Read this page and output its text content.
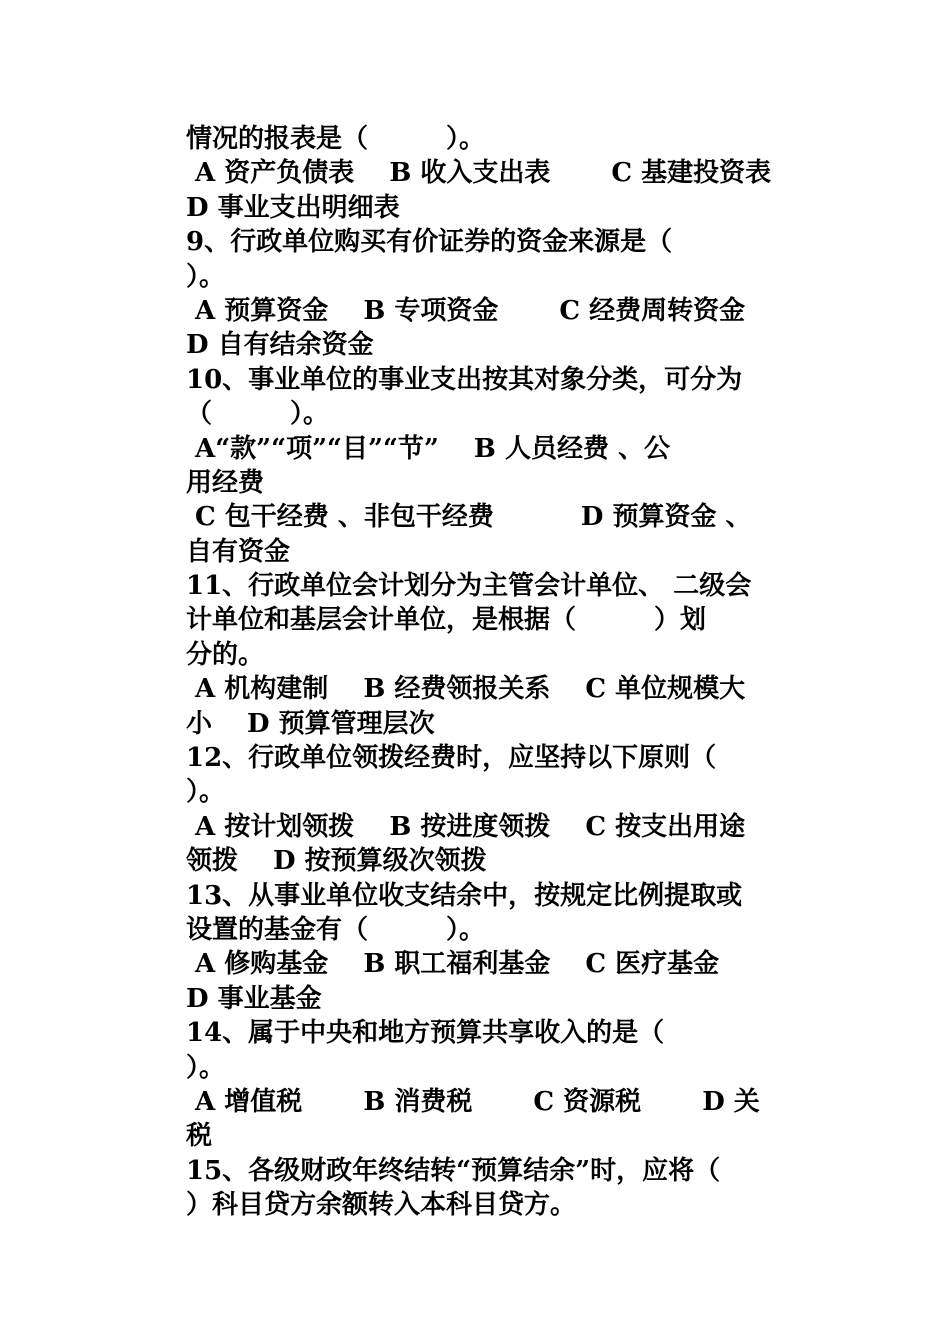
情况的报表是（　　　）。
A 资产负债表　 B 收入支出表　　 C 基建投资表
D 事业支出明细表
9、行政单位购买有价证券的资金来源是（
）。
A 预算资金　 B 专项资金　　 C 经费周转资金
D 自有结余资金
10、事业单位的事业支出按其对象分类，可分为
（　　　）。
A“款”“项”“目”“节”　 B 人员经费 、公
用经费
C 包干经费 、非包干经费　　　 D 预算资金 、
自有资金
11、行政单位会计划分为主管会计单位、 二级会
计单位和基层会计单位，是根据（　　　）划
分的。
A 机构建制　 B 经费领报关系　 C 单位规模大
小　 D 预算管理层次
12、行政单位领拨经费时，应坚持以下原则（
）。
A 按计划领拨　 B 按进度领拨　 C 按支出用途
领拨　 D 按预算级次领拨
13、从事业单位收支结余中，按规定比例提取或
设置的基金有（　　　）。
A 修购基金　 B 职工福利基金　 C 医疗基金
D 事业基金
14、属于中央和地方预算共享收入的是（
）。
A 增值税　　 B 消费税　　 C 资源税　　 D 关
税
15、各级财政年终结转“预算结余”时，应将（
）科目贷方余额转入本科目贷方。
